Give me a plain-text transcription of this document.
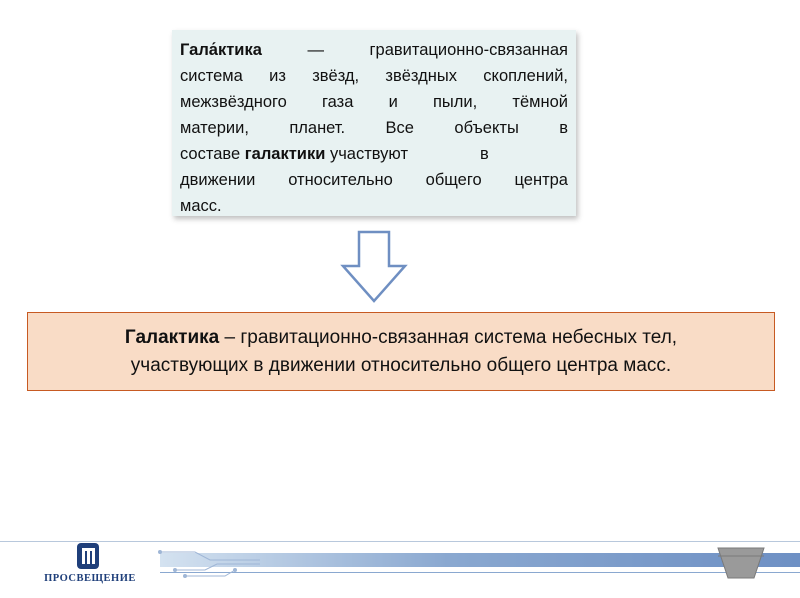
Гала́ктика — гравитационно-связанная
система из звёзд, звёздных скоплений,
межзвёздного газа и пыли, тёмной
материи, планет. Все объекты в
составе галактики участвуют	в
движении относительно общего центра
масс.
Галактика – гравитационно-связанная система небесных тел,
участвующих в движении относительно общего центра масс.
ПРОСВЕЩЕНИЕ
